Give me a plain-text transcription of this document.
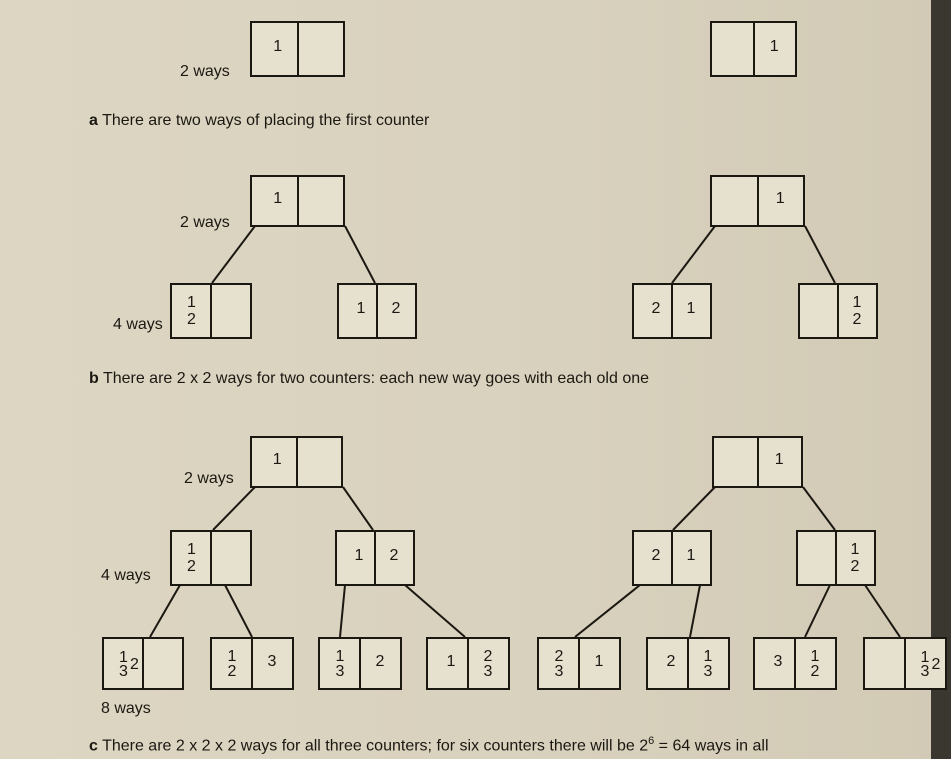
1	1
2 ways
a There are two ways of placing the first counter
1	1
2 ways
1
2
1 2	2 1	1
2
4 ways
b There are 2 x 2 ways for two counters: each new way goes with each old one
1	1
2 ways
1
2
1 2	2 1	1
2
4 ways
1
3 2	1
2
3	1
3
2	1 2
3
2
3
1	2 1
3
3 1
2
1
3 2
8 ways
c There are 2 x 2 x 2 ways for all three counters; for six counters there will be $2^6 = 64$ ways in all
